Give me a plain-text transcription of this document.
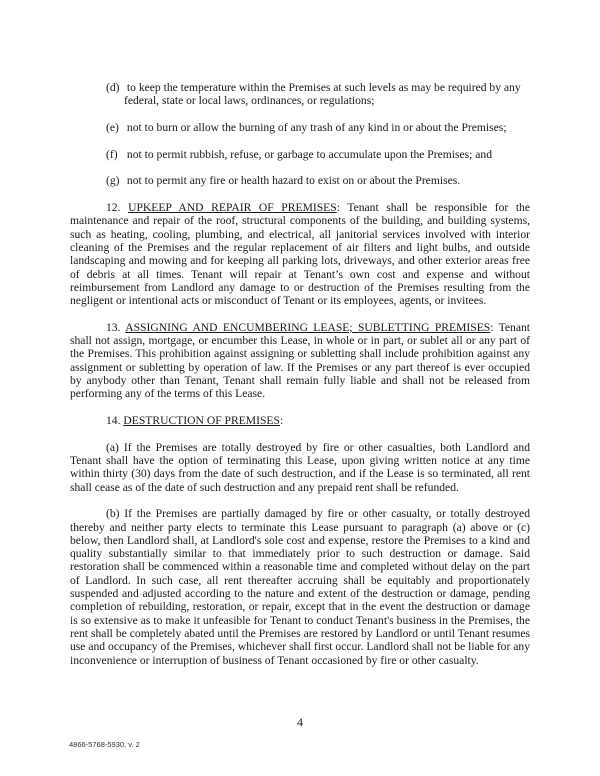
(d) to keep the temperature within the Premises at such levels as may be required by any federal, state or local laws, ordinances, or regulations;
(e) not to burn or allow the burning of any trash of any kind in or about the Premises;
(f) not to permit rubbish, refuse, or garbage to accumulate upon the Premises; and
(g) not to permit any fire or health hazard to exist on or about the Premises.

12. UPKEEP AND REPAIR OF PREMISES: Tenant shall be responsible for the maintenance and repair of the roof, structural components of the building, and building systems, such as heating, cooling, plumbing, and electrical, all janitorial services involved with interior cleaning of the Premises and the regular replacement of air filters and light bulbs, and outside landscaping and mowing and for keeping all parking lots, driveways, and other exterior areas free of debris at all times. Tenant will repair at Tenant’s own cost and expense and without reimbursement from Landlord any damage to or destruction of the Premises resulting from the negligent or intentional acts or misconduct of Tenant or its employees, agents, or invitees.

13. ASSIGNING AND ENCUMBERING LEASE; SUBLETTING PREMISES: Tenant shall not assign, mortgage, or encumber this Lease, in whole or in part, or sublet all or any part of the Premises. This prohibition against assigning or subletting shall include prohibition against any assignment or subletting by operation of law. If the Premises or any part thereof is ever occupied by anybody other than Tenant, Tenant shall remain fully liable and shall not be released from performing any of the terms of this Lease.

14. DESTRUCTION OF PREMISES:

(a) If the Premises are totally destroyed by fire or other casualties, both Landlord and Tenant shall have the option of terminating this Lease, upon giving written notice at any time within thirty (30) days from the date of such destruction, and if the Lease is so terminated, all rent shall cease as of the date of such destruction and any prepaid rent shall be refunded.

(b) If the Premises are partially damaged by fire or other casualty, or totally destroyed thereby and neither party elects to terminate this Lease pursuant to paragraph (a) above or (c) below, then Landlord shall, at Landlord's sole cost and expense, restore the Premises to a kind and quality substantially similar to that immediately prior to such destruction or damage. Said restoration shall be commenced within a reasonable time and completed without delay on the part of Landlord. In such case, all rent thereafter accruing shall be equitably and proportionately suspended and adjusted according to the nature and extent of the destruction or damage, pending completion of rebuilding, restoration, or repair, except that in the event the destruction or damage is so extensive as to make it unfeasible for Tenant to conduct Tenant's business in the Premises, the rent shall be completely abated until the Premises are restored by Landlord or until Tenant resumes use and occupancy of the Premises, whichever shall first occur. Landlord shall not be liable for any inconvenience or interruption of business of Tenant occasioned by fire or other casualty.

4
4866-5768-5930, v. 2
